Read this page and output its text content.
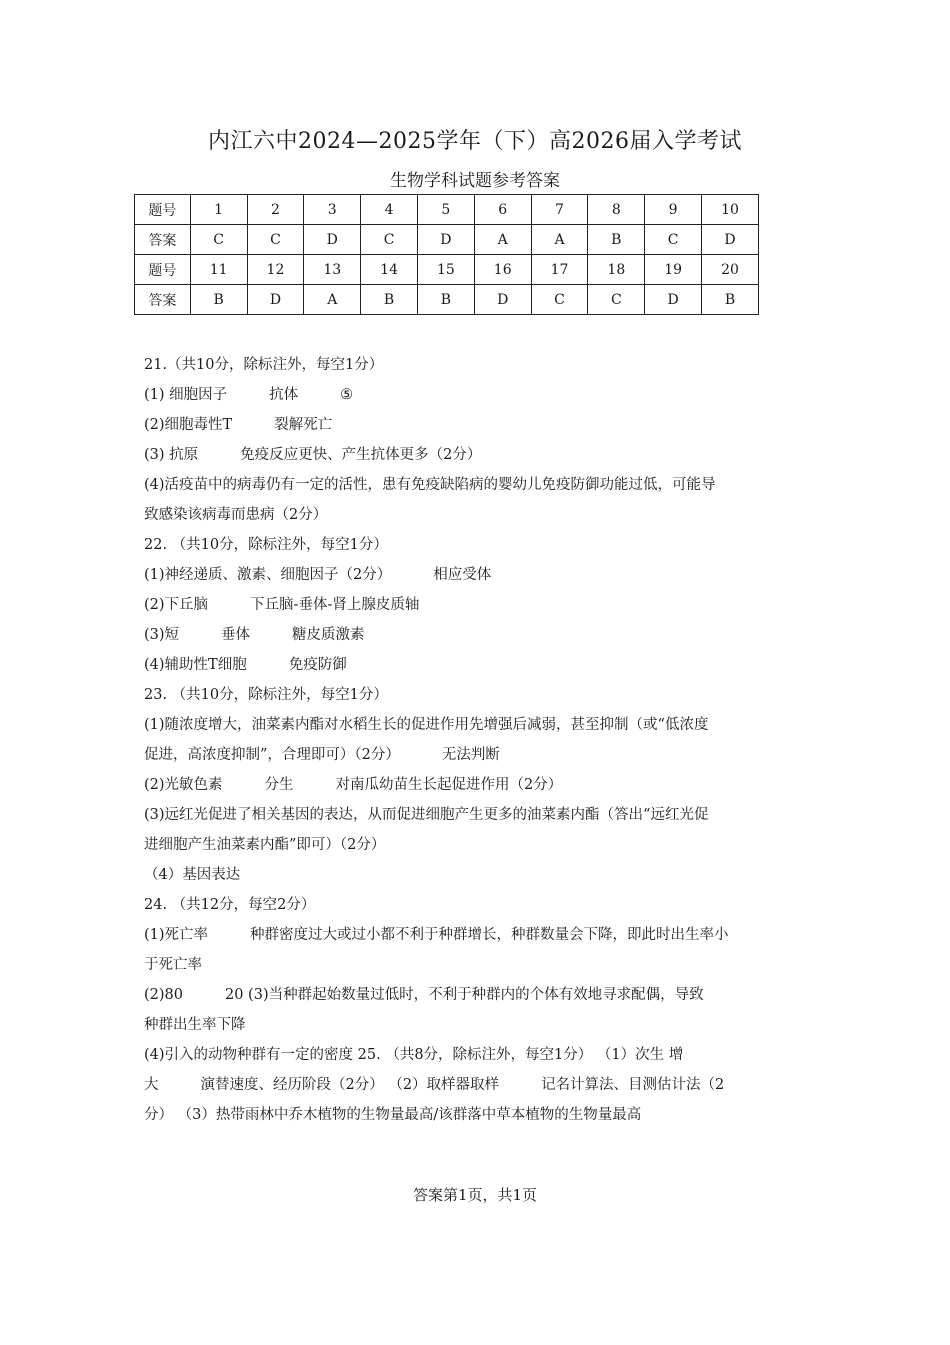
内江六中2024—2025学年（下）高2026届入学考试
生物学科试题参考答案
题号	1	2	3	4	5	6	7	8	9	10
答案	C	C	D	C	D	A	A	B	C	D
题号	11	12	13	14	15	16	17	18	19	20
答案	B	D	A	B	B	D	C	C	D	B
21.（共10分，除标注外，每空1分）
(1) 细胞因子	抗体	⑤
(2)细胞毒性T	裂解死亡
(3) 抗原	免疫反应更快、产生抗体更多（2分）
(4)活疫苗中的病毒仍有一定的活性，患有免疫缺陷病的婴幼儿免疫防御功能过低，可能导
致感染该病毒而患病（2分）
22. （共10分，除标注外，每空1分）
(1)神经递质、激素、细胞因子（2分）	相应受体
(2)下丘脑	下丘脑-垂体-肾上腺皮质轴
(3)短	垂体	糖皮质激素
(4)辅助性T细胞	免疫防御
23. （共10分，除标注外，每空1分）
(1)随浓度增大，油菜素内酯对水稻生长的促进作用先增强后减弱，甚至抑制（或“低浓度
促进，高浓度抑制”，合理即可）（2分）	无法判断
(2)光敏色素	分生	对南瓜幼苗生长起促进作用（2分）
(3)远红光促进了相关基因的表达，从而促进细胞产生更多的油菜素内酯（答出“远红光促
进细胞产生油菜素内酯”即可）（2分）
（4）基因表达
24. （共12分，每空2分）
(1)死亡率	种群密度过大或过小都不利于种群增长，种群数量会下降，即此时出生率小
于死亡率
(2)80	20 (3)当种群起始数量过低时，不利于种群内的个体有效地寻求配偶，导致
种群出生率下降
(4)引入的动物种群有一定的密度 25. （共8分，除标注外，每空1分） （1）次生 增
大	演替速度、经历阶段（2分） （2）取样器取样	记名计算法、目测估计法（2
分） （3）热带雨林中乔木植物的生物量最高/该群落中草本植物的生物量最高
答案第1页，共1页
